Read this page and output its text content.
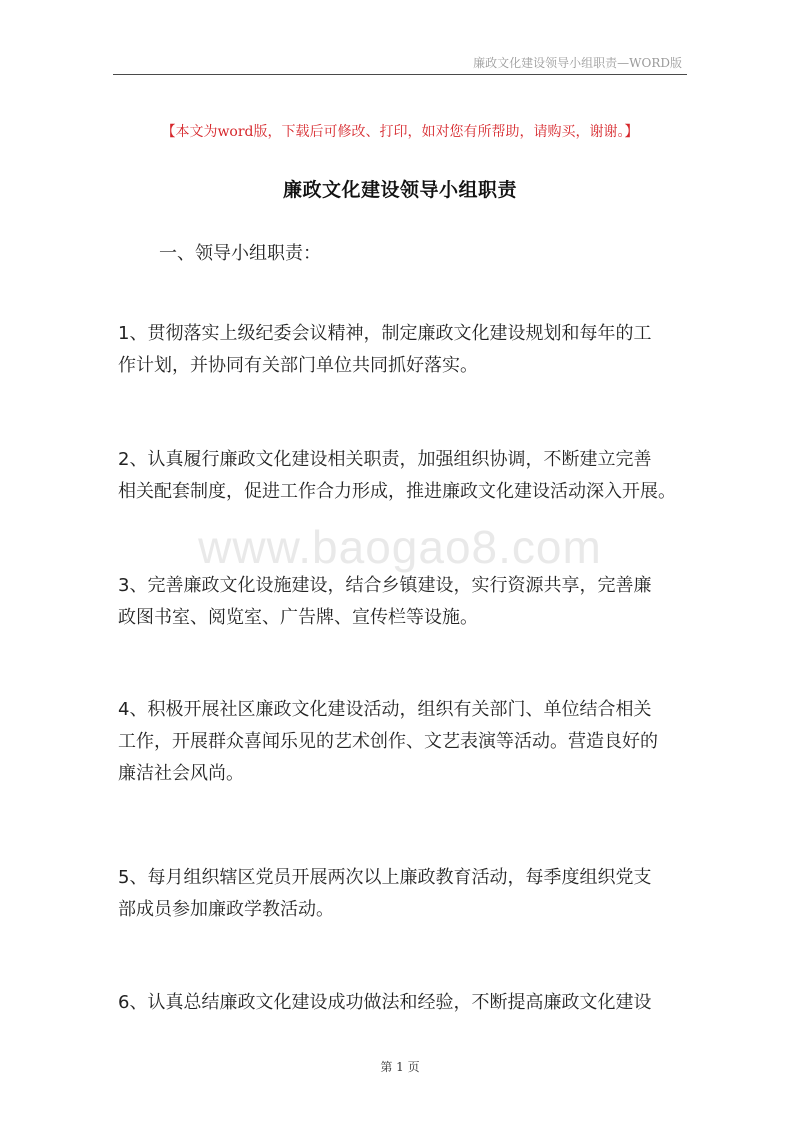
廉政文化建设领导小组职责—WORD版
【本文为word版，下载后可修改、打印，如对您有所帮助，请购买，谢谢。】
廉政文化建设领导小组职责
一、领导小组职责：
www.baogao8.com
1、贯彻落实上级纪委会议精神，制定廉政文化建设规划和每年的工
作计划，并协同有关部门单位共同抓好落实。
2、认真履行廉政文化建设相关职责，加强组织协调，不断建立完善
相关配套制度，促进工作合力形成，推进廉政文化建设活动深入开展。
3、完善廉政文化设施建设，结合乡镇建设，实行资源共享，完善廉
政图书室、阅览室、广告牌、宣传栏等设施。
4、积极开展社区廉政文化建设活动，组织有关部门、单位结合相关
工作，开展群众喜闻乐见的艺术创作、文艺表演等活动。营造良好的
廉洁社会风尚。
5、每月组织辖区党员开展两次以上廉政教育活动，每季度组织党支
部成员参加廉政学教活动。
6、认真总结廉政文化建设成功做法和经验，不断提高廉政文化建设
第 1 页
